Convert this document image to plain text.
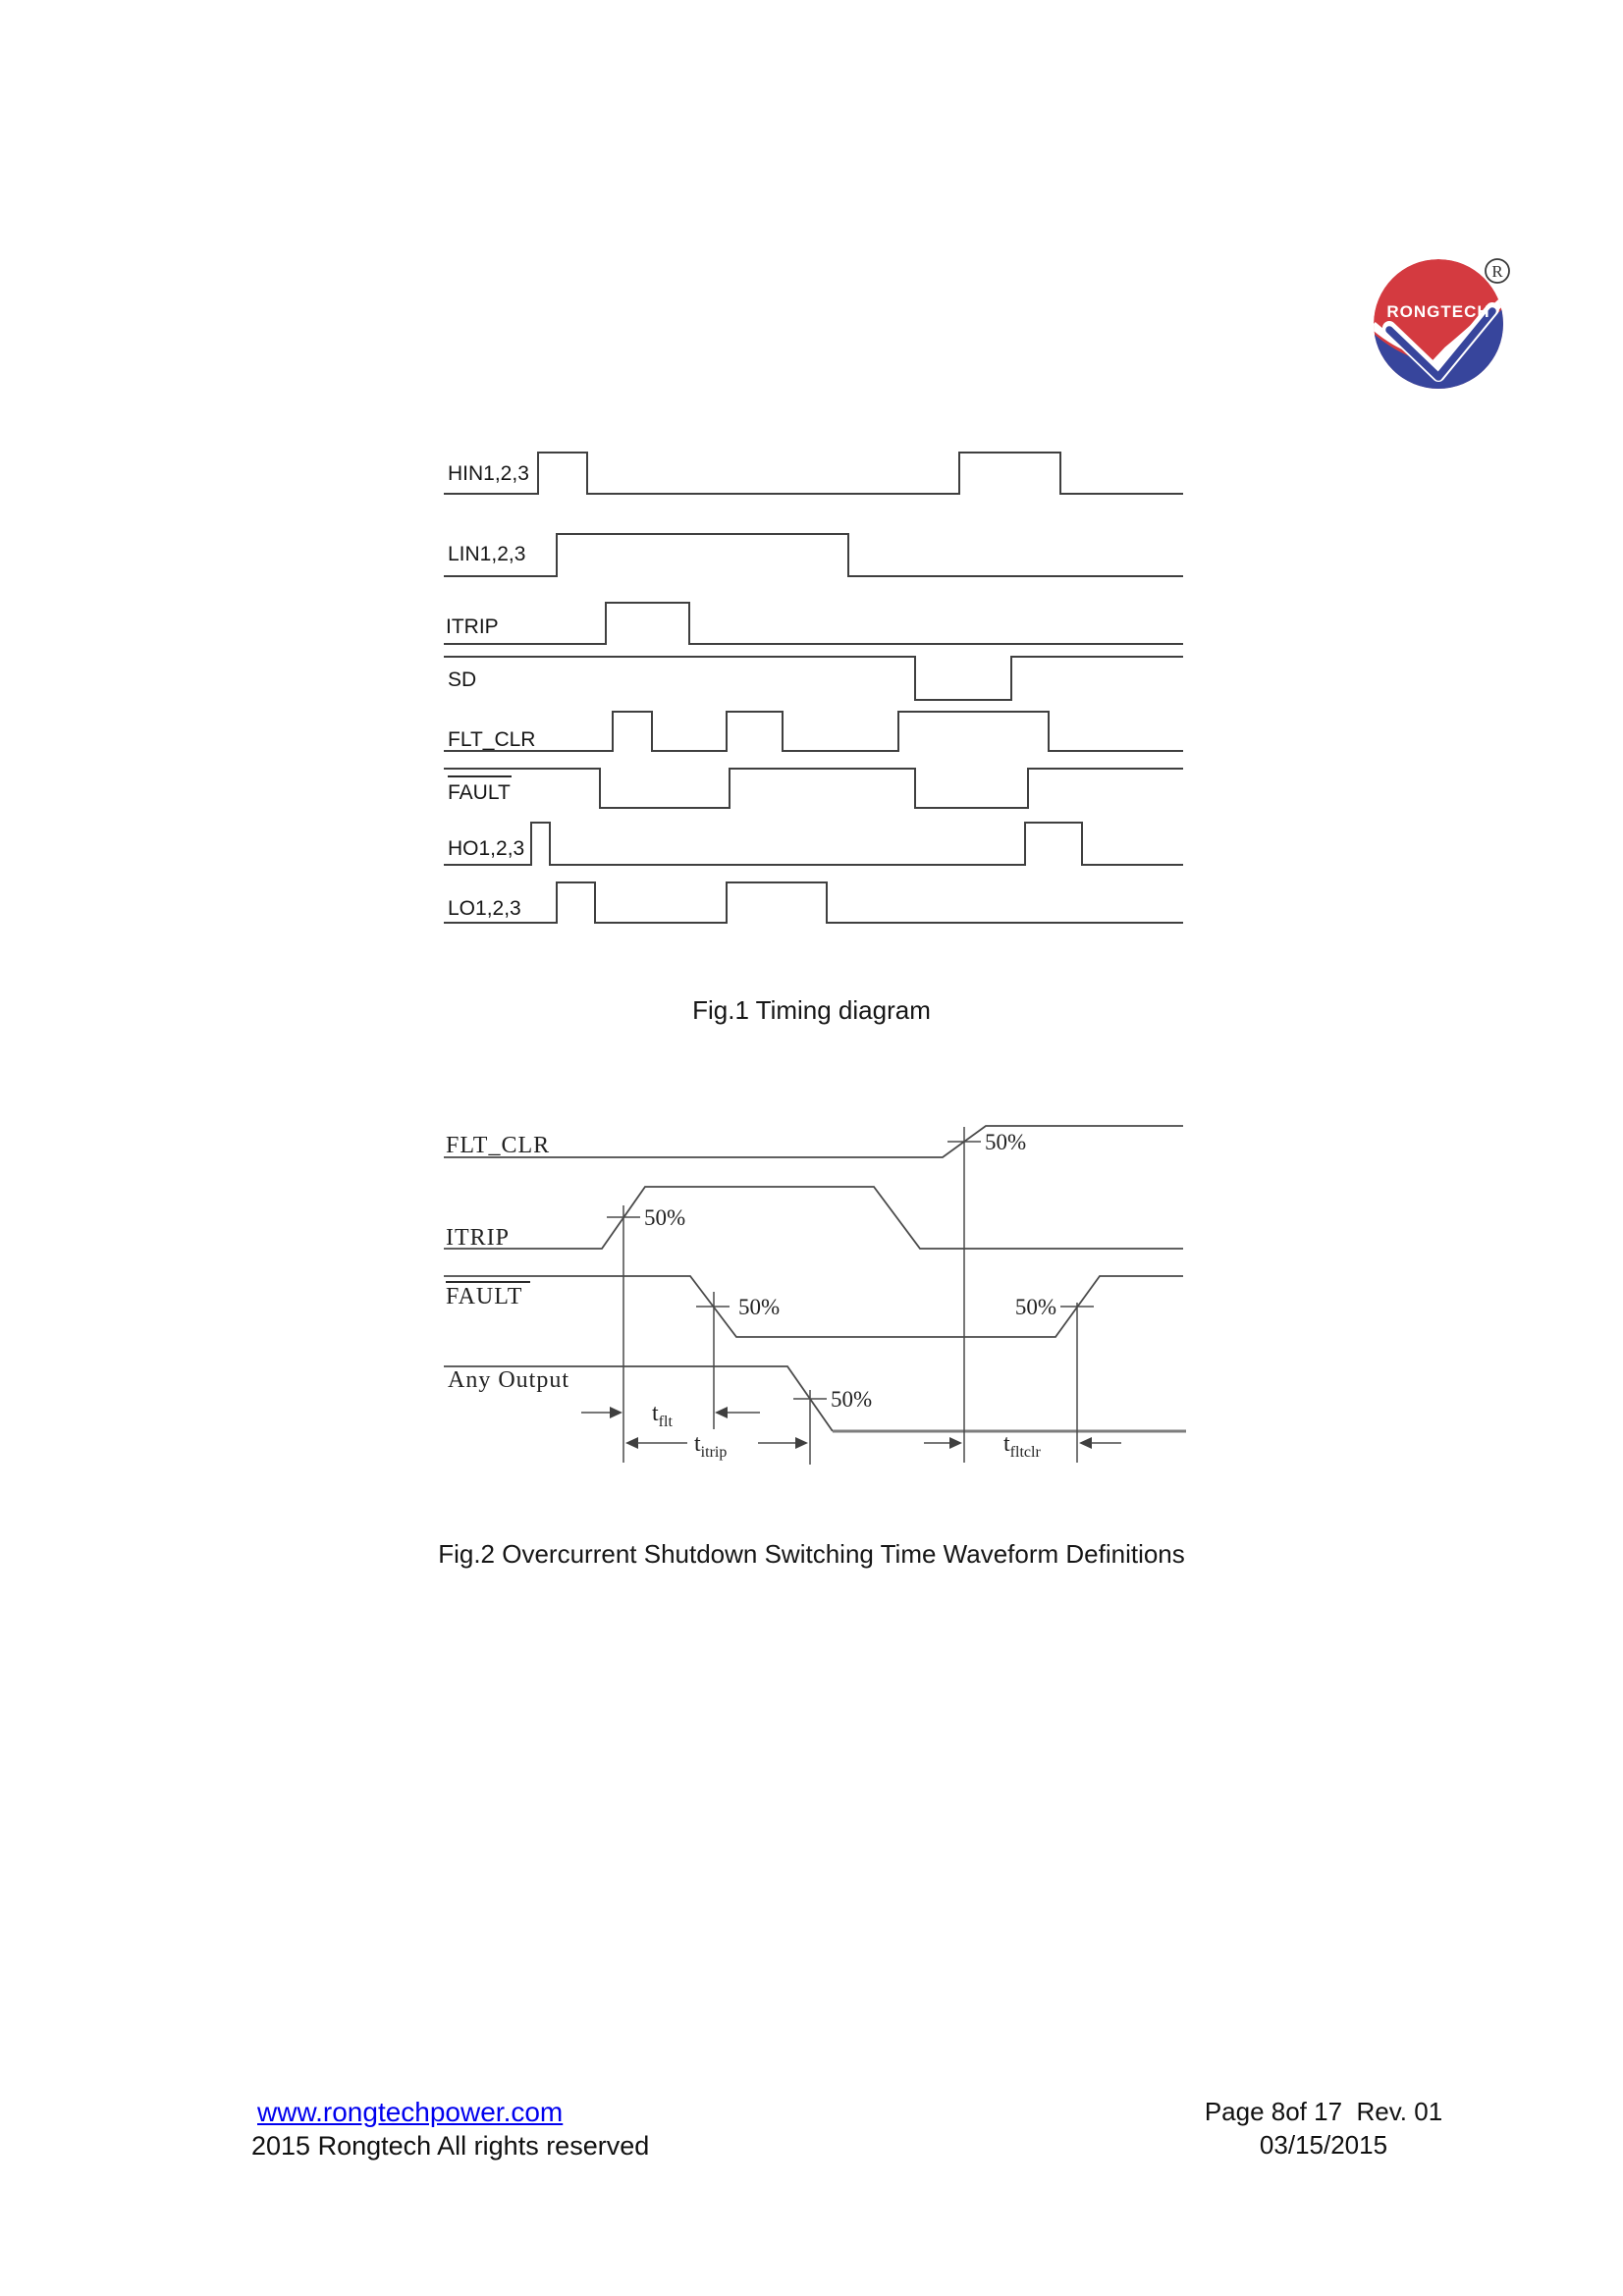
RONGTECH
R
HIN1,2,3
LIN1,2,3
ITRIP
SD
FLT_CLR
FAULT
HO1,2,3
LO1,2,3
Fig.1 Timing diagram
50%
50%
50%	50%
50%
$t_{flt}$
$t_{itrip}$	$t_{fltclr}$
FLT_CLR
ITRIP
FAULT
Any Output
Fig.2 Overcurrent Shutdown Switching Time Waveform Definitions
www.rongtechpower.com
2015 Rongtech All rights reserved
Page 8of 17  Rev. 01
03/15/2015
